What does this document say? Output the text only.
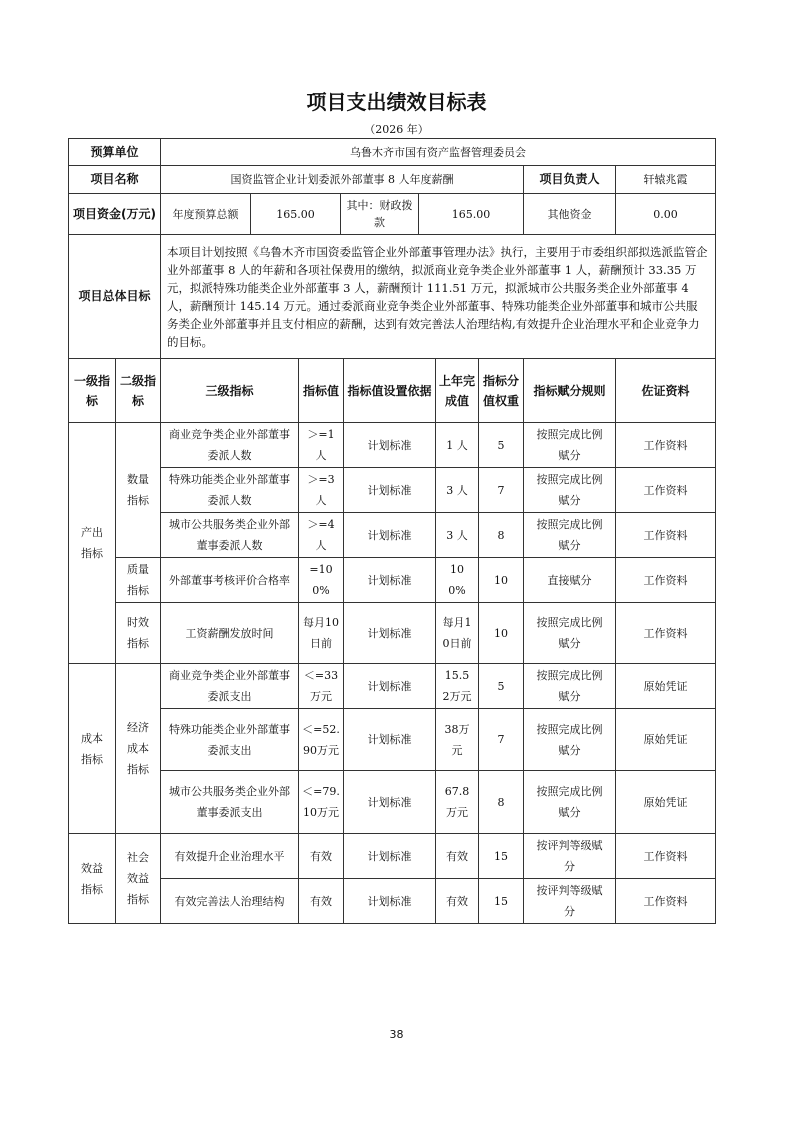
项目支出绩效目标表
（2026 年）
预算单位	乌鲁木齐市国有资产监督管理委员会					
项目名称	国资监管企业计划委派外部董事 8 人年度薪酬				项目负责人	轩辕兆霞
项目资金(万元)	年度预算总额	165.00	其中：财政拨款	165.00	其他资金	0.00
项目总体目标	本项目计划按照《乌鲁木齐市国资委监管企业外部董事管理办法》执行，主要用于市委组织部拟选派监管企业外部董事 8 人的年薪和各项社保费用的缴纳，拟派商业竞争类企业外部董事 1 人，薪酬预计 33.35 万元，拟派特殊功能类企业外部董事 3 人，薪酬预计 111.51 万元，拟派城市公共服务类企业外部董事 4 人，薪酬预计 145.14 万元。通过委派商业竞争类企业外部董事、特殊功能类企业外部董事和城市公共服务类企业外部董事并且支付相应的薪酬，达到有效完善法人治理结构,有效提升企业治理水平和企业竞争力的目标。					
一级指标	二级指标	三级指标	指标值	指标值设置依据	上年完成值	指标分值权重	指标赋分规则	佐证资料
产出指标	数量指标	商业竞争类企业外部董事委派人数	＞=1人	计划标准	1 人	5	按照完成比例赋分	工作资料
		特殊功能类企业外部董事委派人数	＞=3人	计划标准	3 人	7	按照完成比例赋分	工作资料
		城市公共服务类企业外部董事委派人数	＞=4人	计划标准	3 人	8	按照完成比例赋分	工作资料
	质量指标	外部董事考核评价合格率	=100%	计划标准	100%	10	直接赋分	工作资料
	时效指标	工资薪酬发放时间	每月10日前	计划标准	每月10日前	10	按照完成比例赋分	工作资料
成本指标	经济成本指标	商业竞争类企业外部董事委派支出	＜=33万元	计划标准	15.52万元	5	按照完成比例赋分	原始凭证
		特殊功能类企业外部董事委派支出	＜=52.90万元	计划标准	38万元	7	按照完成比例赋分	原始凭证
		城市公共服务类企业外部董事委派支出	＜=79.10万元	计划标准	67.8万元	8	按照完成比例赋分	原始凭证
效益指标	社会效益指标	有效提升企业治理水平	有效	计划标准	有效	15	按评判等级赋分	工作资料
		有效完善法人治理结构	有效	计划标准	有效	15	按评判等级赋分	工作资料
38
